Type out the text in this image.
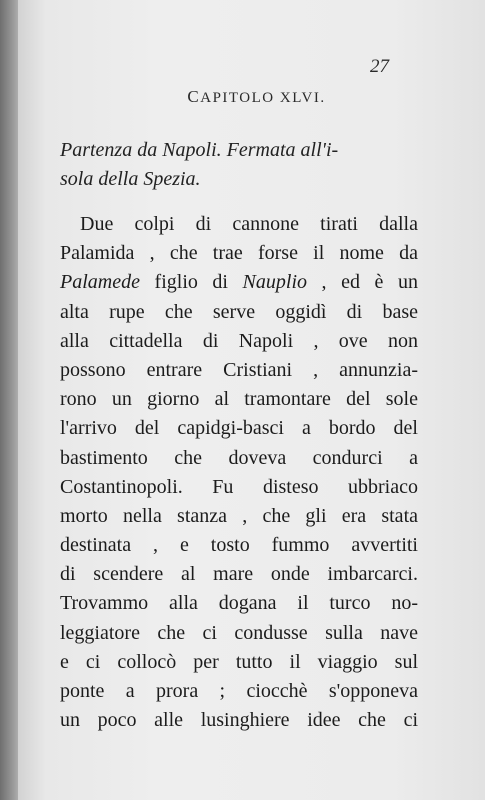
27
CAPITOLO XLVI.
Partenza da Napoli. Fermata all'i-
sola della Spezia.
Due colpi di cannone tirati dalla
Palamida , che trae forse il nome da
Palamede figlio di Nauplio , ed è un
alta rupe che serve oggidì di base
alla cittadella di Napoli , ove non
possono entrare Cristiani , annunzia-
rono un giorno al tramontare del sole
l'arrivo del capidgi-basci a bordo del
bastimento che doveva condurci a
Costantinopoli. Fu disteso ubbriaco
morto nella stanza , che gli era stata
destinata , e tosto fummo avvertiti
di scendere al mare onde imbarcarci.
Trovammo alla dogana il turco no-
leggiatore che ci condusse sulla nave
e ci collocò per tutto il viaggio sul
ponte a prora ; ciocchè s'opponeva
un poco alle lusinghiere idee che ci
